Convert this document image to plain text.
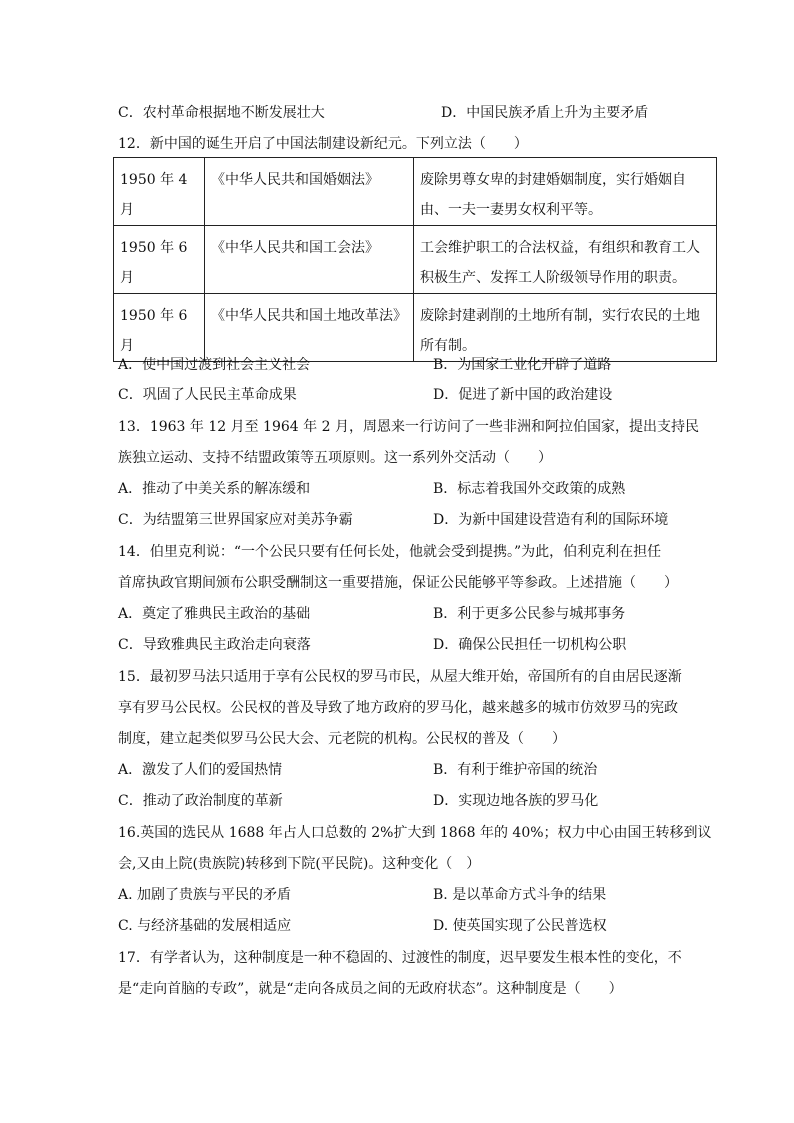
C．农村革命根据地不断发展壮大	D．中国民族矛盾上升为主要矛盾
12．新中国的诞生开启了中国法制建设新纪元。下列立法（　　）
1950 年 4 月	《中华人民共和国婚姻法》	废除男尊女卑的封建婚姻制度，实行婚姻自由、一夫一妻男女权利平等。
1950 年 6 月	《中华人民共和国工会法》	工会维护职工的合法权益，有组织和教育工人积极生产、发挥工人阶级领导作用的职责。
1950 年 6 月	《中华人民共和国土地改革法》	废除封建剥削的土地所有制，实行农民的土地所有制。
A．使中国过渡到社会主义社会	B．为国家工业化开辟了道路
C．巩固了人民民主革命成果	D．促进了新中国的政治建设
13．1963 年 12 月至 1964 年 2 月，周恩来一行访问了一些非洲和阿拉伯国家，提出支持民
族独立运动、支持不结盟政策等五项原则。这一系列外交活动（　　）
A．推动了中美关系的解冻缓和	B．标志着我国外交政策的成熟
C．为结盟第三世界国家应对美苏争霸	D．为新中国建设营造有利的国际环境
14．伯里克利说：“一个公民只要有任何长处，他就会受到提携。”为此，伯利克利在担任
首席执政官期间颁布公职受酬制这一重要措施，保证公民能够平等参政。上述措施（　　）
A．奠定了雅典民主政治的基础	B．利于更多公民参与城邦事务
C．导致雅典民主政治走向衰落	D．确保公民担任一切机构公职
15．最初罗马法只适用于享有公民权的罗马市民，从屋大维开始，帝国所有的自由居民逐渐
享有罗马公民权。公民权的普及导致了地方政府的罗马化，越来越多的城市仿效罗马的宪政
制度，建立起类似罗马公民大会、元老院的机构。公民权的普及（　　）
A．激发了人们的爱国热情	B．有利于维护帝国的统治
C．推动了政治制度的革新	D．实现边地各族的罗马化
16.英国的选民从 1688 年占人口总数的 2%扩大到 1868 年的 40%；权力中心由国王转移到议
会,又由上院(贵族院)转移到下院(平民院)。这种变化（　）
A. 加剧了贵族与平民的矛盾	B. 是以革命方式斗争的结果
C. 与经济基础的发展相适应	D. 使英国实现了公民普选权
17．有学者认为，这种制度是一种不稳固的、过渡性的制度，迟早要发生根本性的变化，不
是“走向首脑的专政”，就是“走向各成员之间的无政府状态”。这种制度是（　　）
